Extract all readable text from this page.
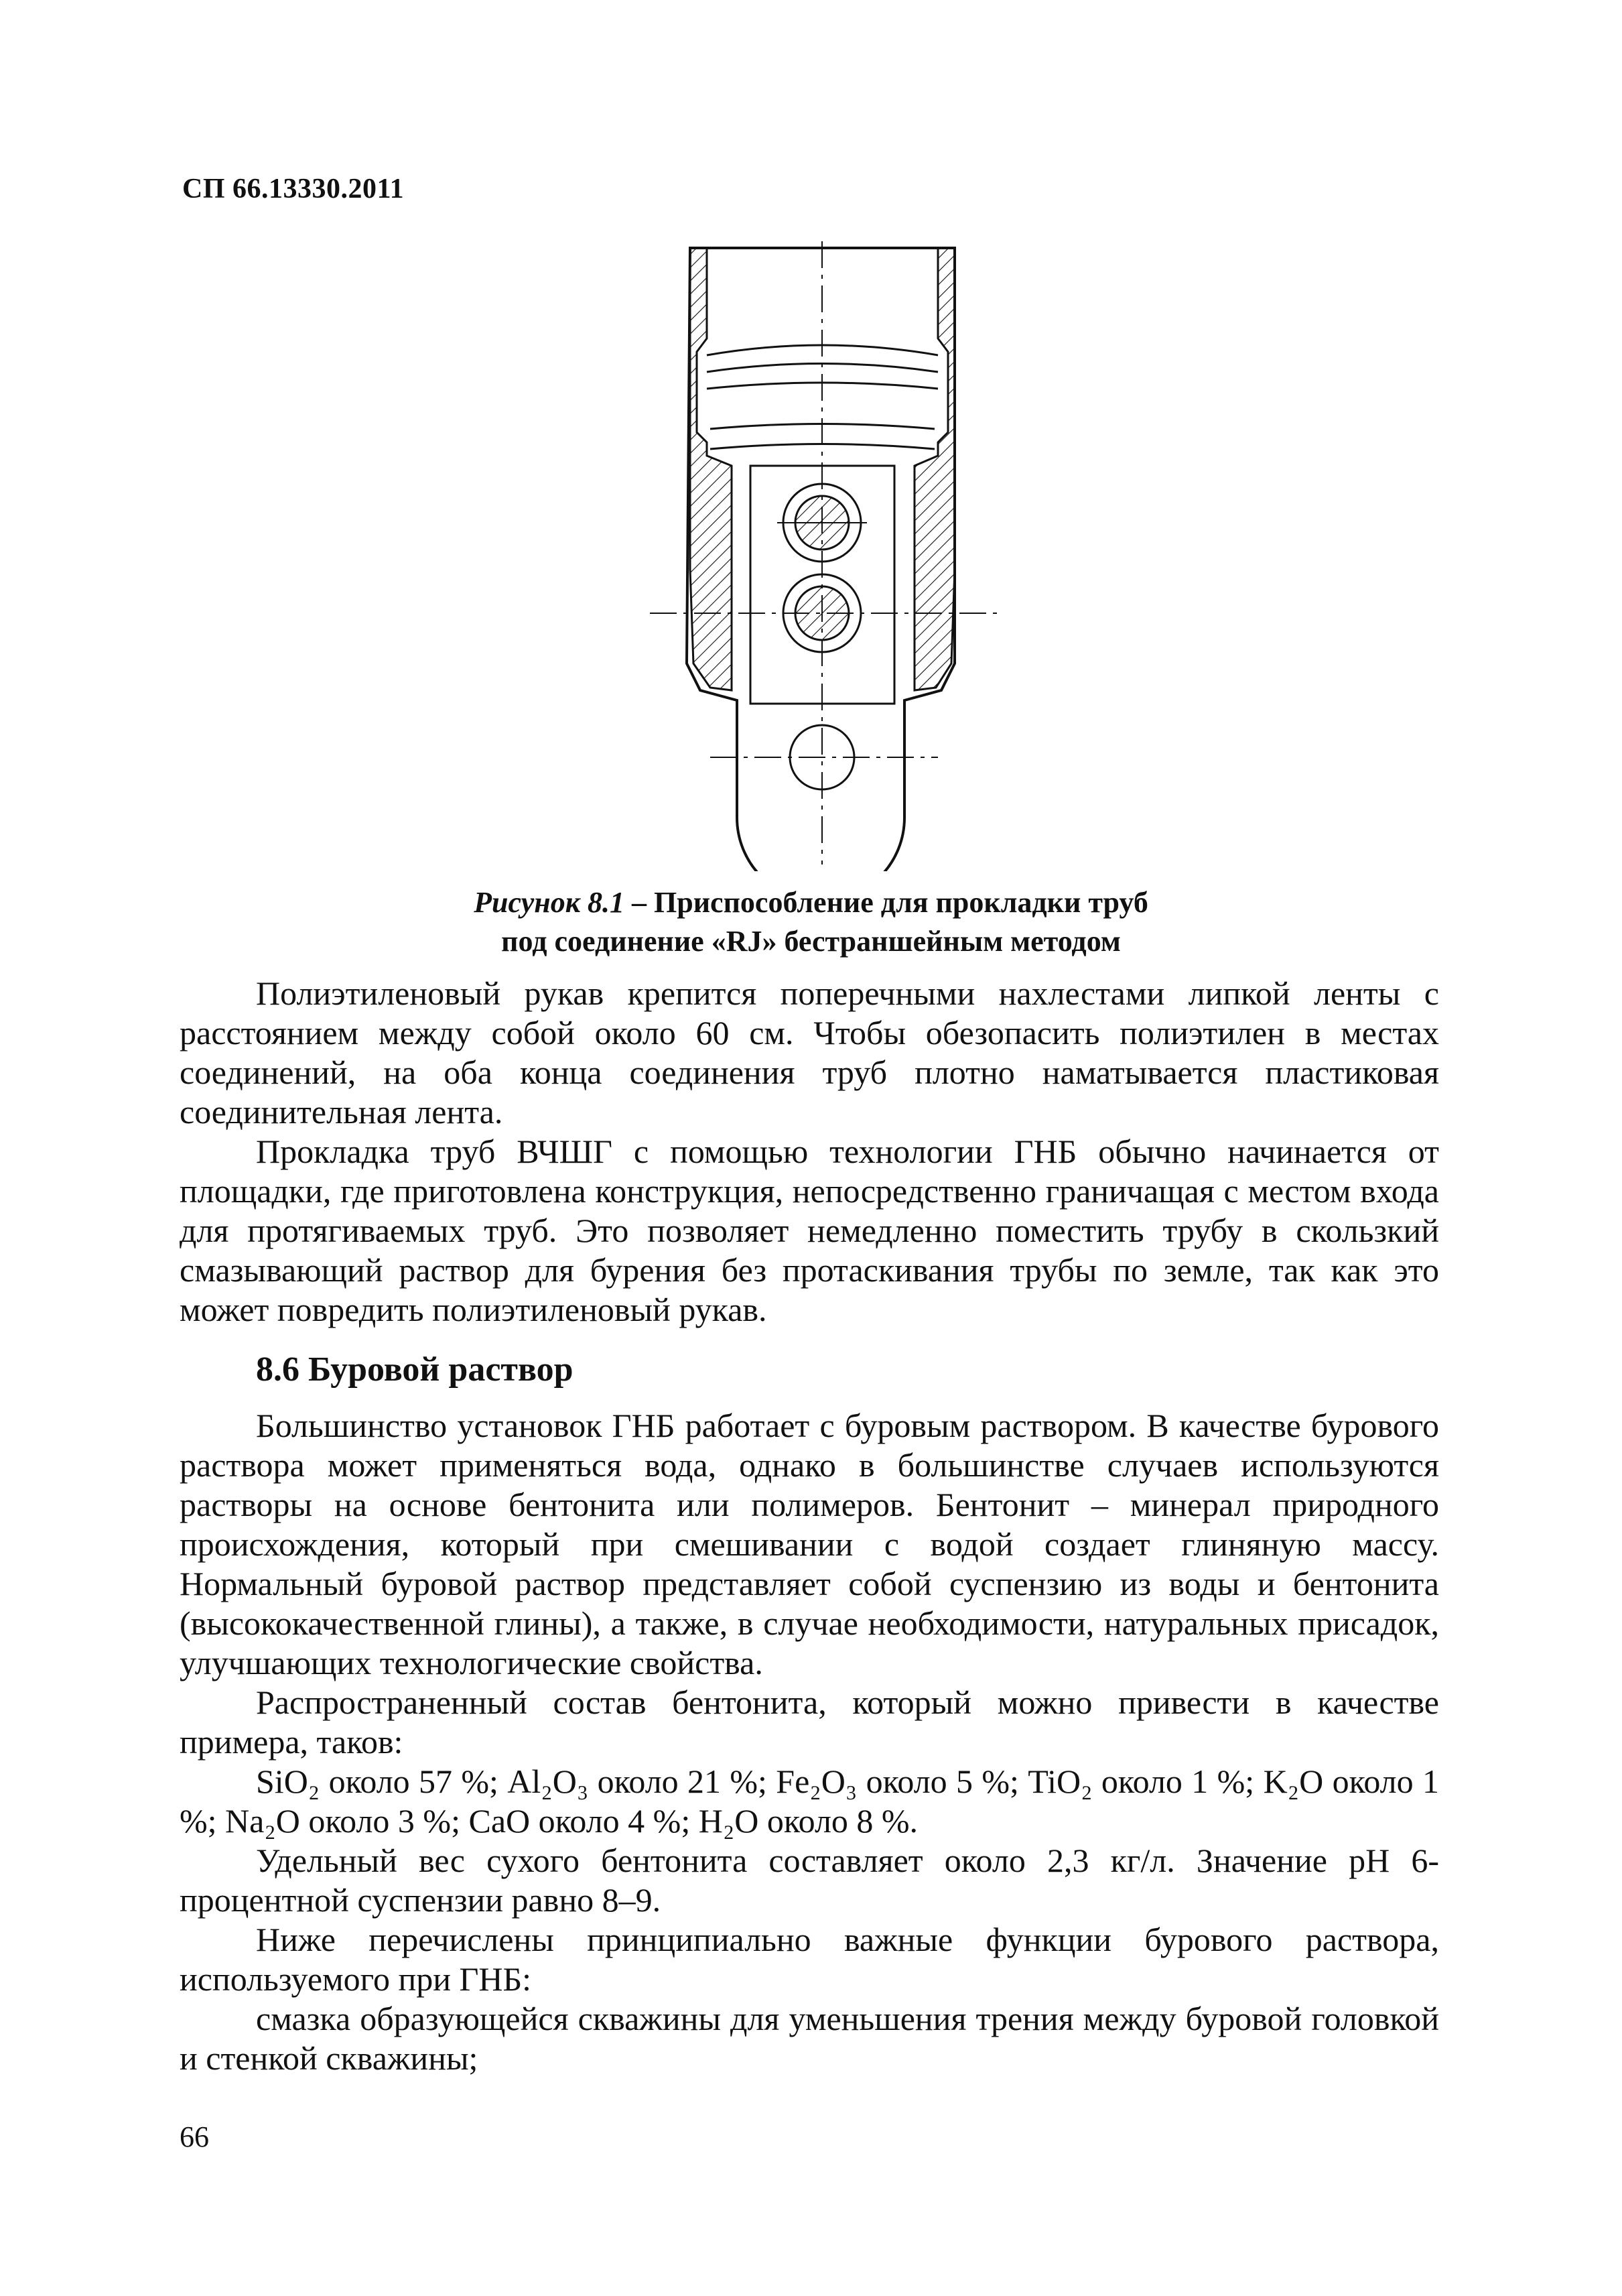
СП 66.13330.2011
Рисунок 8.1 – Приспособление для прокладки труб
под соединение «RJ» бестраншейным методом

Полиэтиленовый рукав крепится поперечными нахлестами липкой ленты с расстоянием между собой около 60 см. Чтобы обезопасить полиэтилен в местах соединений, на оба конца соединения труб плотно наматывается пластиковая соединительная лента.

Прокладка труб ВЧШГ с помощью технологии ГНБ обычно начинается от площадки, где приготовлена конструкция, непосредственно граничащая с местом входа для протягиваемых труб. Это позволяет немедленно поместить трубу в скользкий смазывающий раствор для бурения без протаскивания трубы по земле, так как это может повредить полиэтиленовый рукав.

8.6 Буровой раствор

Большинство установок ГНБ работает с буровым раствором. В качестве бурового раствора может применяться вода, однако в большинстве случаев используются растворы на основе бентонита или полимеров. Бентонит – минерал природного происхождения, который при смешивании с водой создает глиняную массу. Нормальный буровой раствор представляет собой суспензию из воды и бентонита (высококачественной глины), а также, в случае необходимости, натуральных присадок, улучшающих технологические свойства.

Распространенный состав бентонита, который можно привести в качестве примера, таков:

SiO₂ около 57 %; Al₂O₃ около 21 %; Fe₂O₃ около 5 %; TiO₂ около 1 %; K₂O около 1 %; Na₂O около 3 %; CaO около 4 %; H₂O около 8 %.

Удельный вес сухого бентонита составляет около 2,3 кг/л. Значение рН 6-процентной суспензии равно 8–9.

Ниже перечислены принципиально важные функции бурового раствора, используемого при ГНБ:

смазка образующейся скважины для уменьшения трения между буровой головкой и стенкой скважины;

66
